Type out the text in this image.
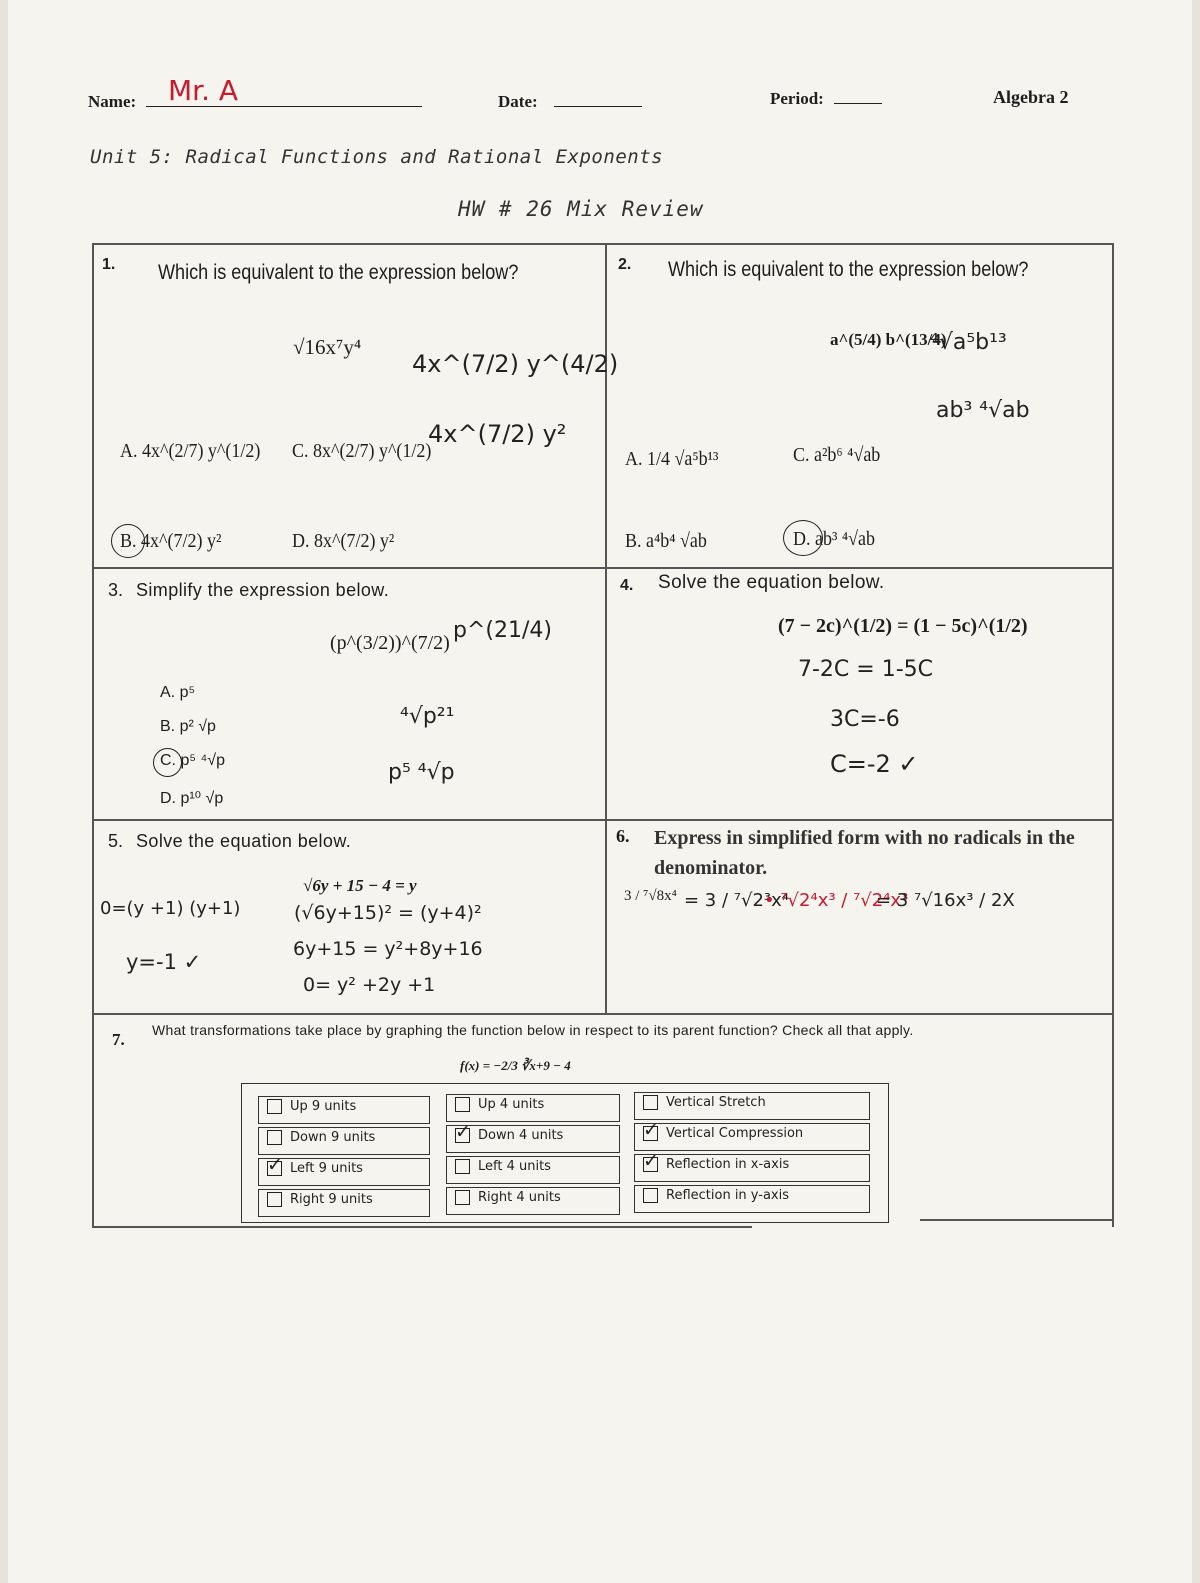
Name: Mr. A	Date:	Period:	Algebra 2
Unit 5: Radical Functions and Rational Exponents
HW # 26 Mix Review
1. Which is equivalent to the expression below?
√16x⁷y⁴
4x^(7/2) y^(4/2)
4x^(7/2) y²
A. 4x^(2/7) y^(1/2) C. 8x^(2/7) y^(1/2)
B. 4x^(7/2) y²	D. 8x^(7/2) y²
2. Which is equivalent to the expression below?
a^(5/4) b^(13/4)
⁴√a⁵b¹³
ab³ ⁴√ab
A. 1/4 √a⁵b¹³	C. a²b⁶ ⁴√ab
B. a⁴b⁴ √ab	D. ab³ ⁴√ab
3. Simplify the expression below.
(p^(3/2))^(7/2) p^(21/4)
⁴√p²¹
p⁵ ⁴√p
A. p⁵
B. p² √p
C. p⁵ ⁴√p
D. p¹⁰ √p
4. Solve the equation below.
(7 − 2c)^(1/2) = (1 − 5c)^(1/2)
7-2C = 1-5C
3C=-6
C=-2 ✓
5. Solve the equation below.
√6y + 15 − 4 = y
(√6y+15)² = (y+4)²
6y+15 = y²+8y+16
0= y² +2y +1
0=(y +1) (y+1)
y=-1 ✓
6. Express in simplified form with no radicals in the denominator.
3 / ⁷√8x⁴ = 3 / ⁷√2³x⁴
• ⁷√2⁴x³ / ⁷√2⁴x³
= 3 ⁷√16x³ / 2X
7. What transformations take place by graphing the function below in respect to its parent function? Check all that apply.
f(x) = −2/3 ∛x+9 − 4
Up 9 units
Down 9 units
✓Left 9 units
Right 9 units
Up 4 units
✓Down 4 units
Left 4 units
Right 4 units
Vertical Stretch
✓Vertical Compression
✓Reflection in x-axis
Reflection in y-axis
